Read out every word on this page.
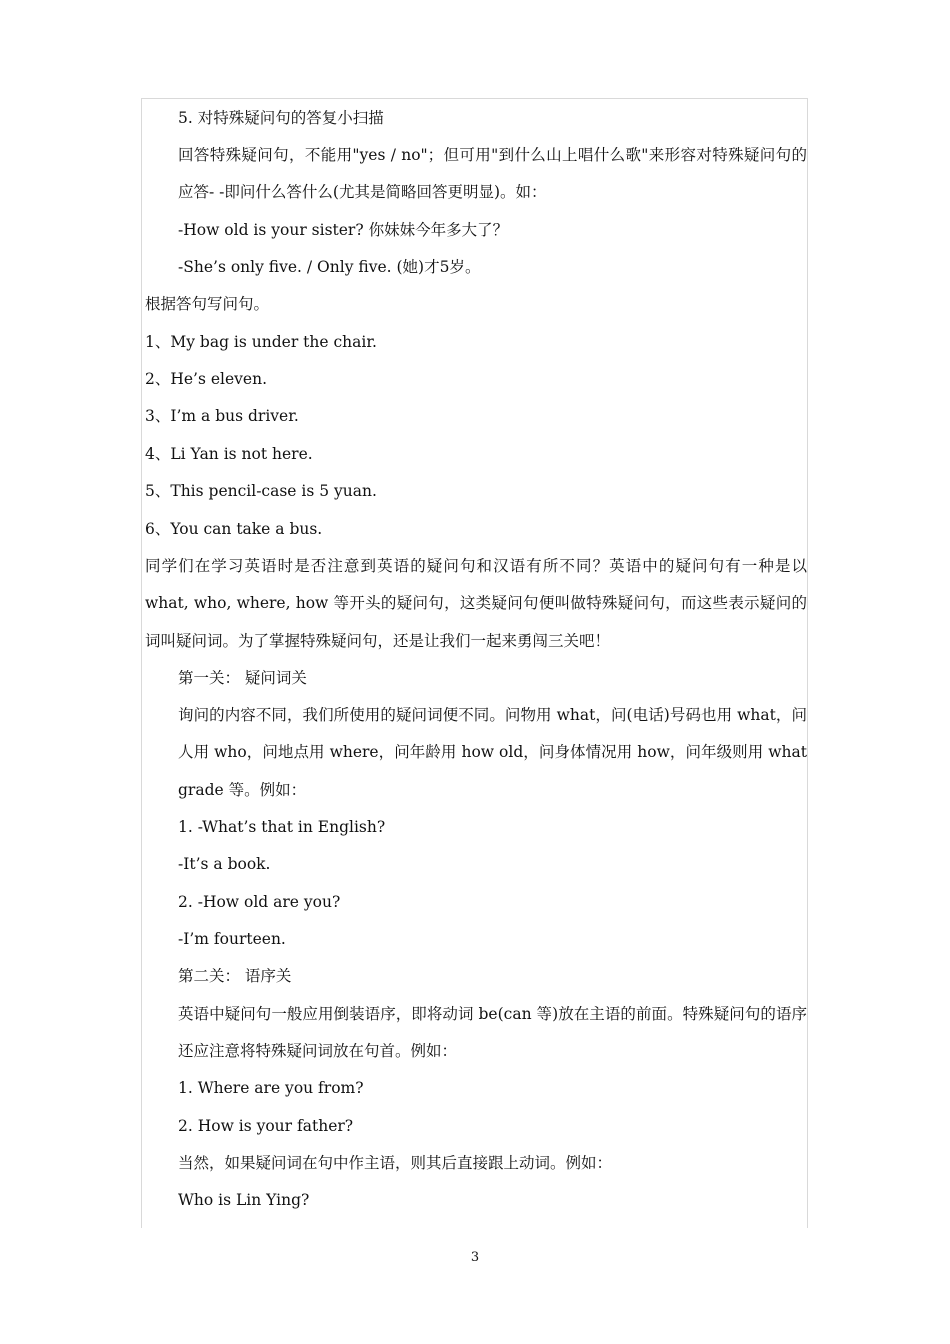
5. 对特殊疑问句的答复小扫描
回答特殊疑问句，不能用"yes / no"；但可用"到什么山上唱什么歌"来形容对特殊疑问句的应答- -即问什么答什么(尤其是简略回答更明显)。如：
-How old is your sister? 你妹妹今年多大了？
-She’s only five. / Only five. (她)才5岁。
根据答句写问句。
1、My bag is under the chair.
2、He’s eleven.
3、I’m a bus driver.
4、Li Yan is not here.
5、This pencil-case is 5 yuan.
6、You can take a bus.
同学们在学习英语时是否注意到英语的疑问句和汉语有所不同？英语中的疑问句有一种是以 what, who, where, how 等开头的疑问句，这类疑问句便叫做特殊疑问句，而这些表示疑问的词叫疑问词。为了掌握特殊疑问句，还是让我们一起来勇闯三关吧！
第一关： 疑问词关
询问的内容不同，我们所使用的疑问词便不同。问物用 what，问(电话)号码也用 what，问人用 who，问地点用 where，问年龄用 how old，问身体情况用 how，问年级则用 what grade 等。例如：
1. -What’s that in English?
-It’s a book.
2. -How old are you?
-I’m fourteen.
第二关： 语序关
英语中疑问句一般应用倒装语序，即将动词 be(can 等)放在主语的前面。特殊疑问句的语序还应注意将特殊疑问词放在句首。例如：
1. Where are you from?
2. How is your father?
当然，如果疑问词在句中作主语，则其后直接跟上动词。例如：
Who is Lin Ying?
3
